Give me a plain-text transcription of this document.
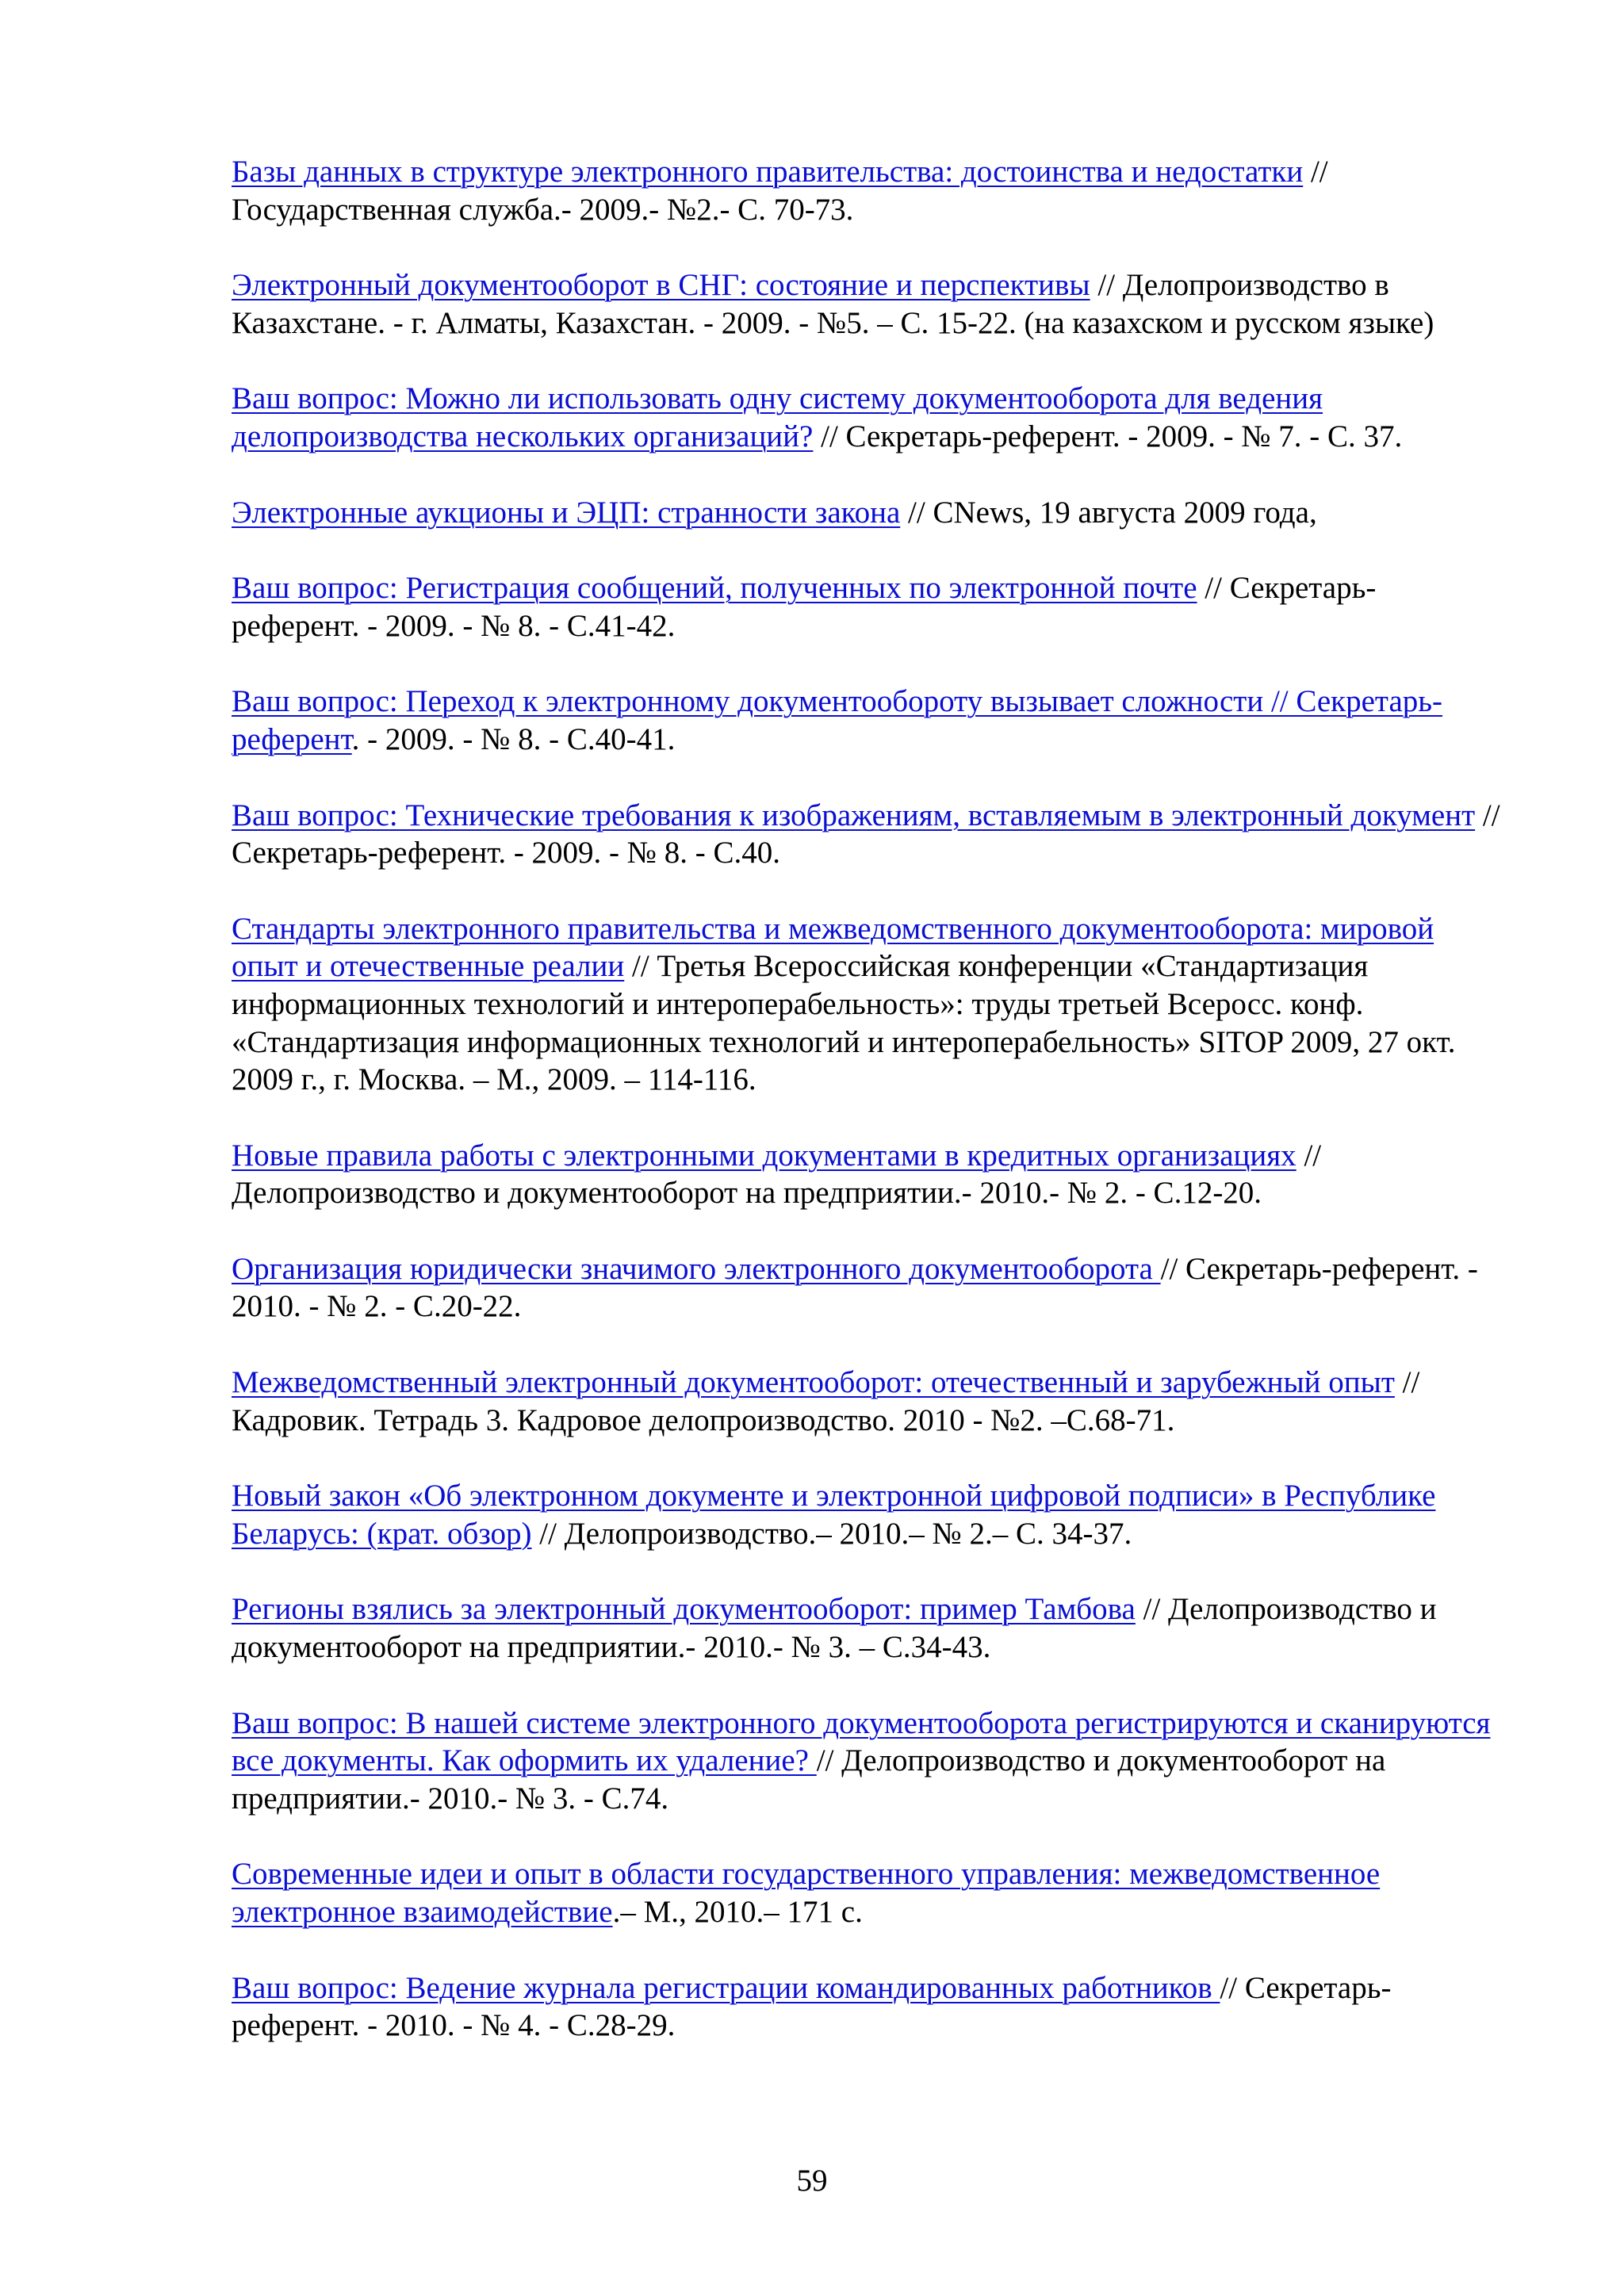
Базы данных в структуре электронного правительства: достоинства и недостатки // Государственная служба.- 2009.- №2.- С. 70-73.
Электронный документооборот в СНГ: состояние и перспективы // Делопроизводство в Казахстане. - г. Алматы, Казахстан. - 2009. - №5. – С. 15-22. (на казахском и русском языке)
Ваш вопрос: Можно ли использовать одну систему документооборота для ведения делопроизводства нескольких организаций? // Секретарь-референт. - 2009. - № 7. - С. 37.
Электронные аукционы и ЭЦП: странности закона // CNews, 19 августа 2009 года,
Ваш вопрос: Регистрация сообщений, полученных по электронной почте // Секретарь-референт. - 2009. - № 8. - С.41-42.
Ваш вопрос: Переход к электронному документообороту вызывает сложности // Секретарь-референт. - 2009. - № 8. - С.40-41.
Ваш вопрос: Технические требования к изображениям, вставляемым в электронный документ // Секретарь-референт. - 2009. - № 8. - С.40.
Стандарты электронного правительства и межведомственного документооборота: мировой опыт и отечественные реалии // Третья Всероссийская конференции «Стандартизация информационных технологий и интероперабельность»: труды третьей Всеросс. конф. «Стандартизация информационных технологий и интероперабельность» SITOP 2009, 27 окт. 2009 г., г. Москва. – М., 2009. – 114-116.
Новые правила работы с электронными документами в кредитных организациях // Делопроизводство и документооборот на предприятии.- 2010.- № 2. - С.12-20.
Организация юридически значимого электронного документооборота // Секретарь-референт. - 2010. - № 2. - С.20-22.
Межведомственный электронный документооборот: отечественный и зарубежный опыт // Кадровик. Тетрадь 3. Кадровое делопроизводство. 2010 - №2. –С.68-71.
Новый закон «Об электронном документе и электронной цифровой подписи» в Республике Беларусь: (крат. обзор) // Делопроизводство.– 2010.– № 2.– С. 34-37.
Регионы взялись за электронный документооборот: пример Тамбова // Делопроизводство и документооборот на предприятии.- 2010.- № 3. – С.34-43.
Ваш вопрос: В нашей системе электронного документооборота регистрируются и сканируются все документы. Как оформить их удаление? // Делопроизводство и документооборот на предприятии.- 2010.- № 3. - С.74.
Современные идеи и опыт в области государственного управления: межведомственное электронное взаимодействие.– М., 2010.– 171 с.
Ваш вопрос: Ведение журнала регистрации командированных работников // Секретарь-референт. - 2010. - № 4. - С.28-29.
59
